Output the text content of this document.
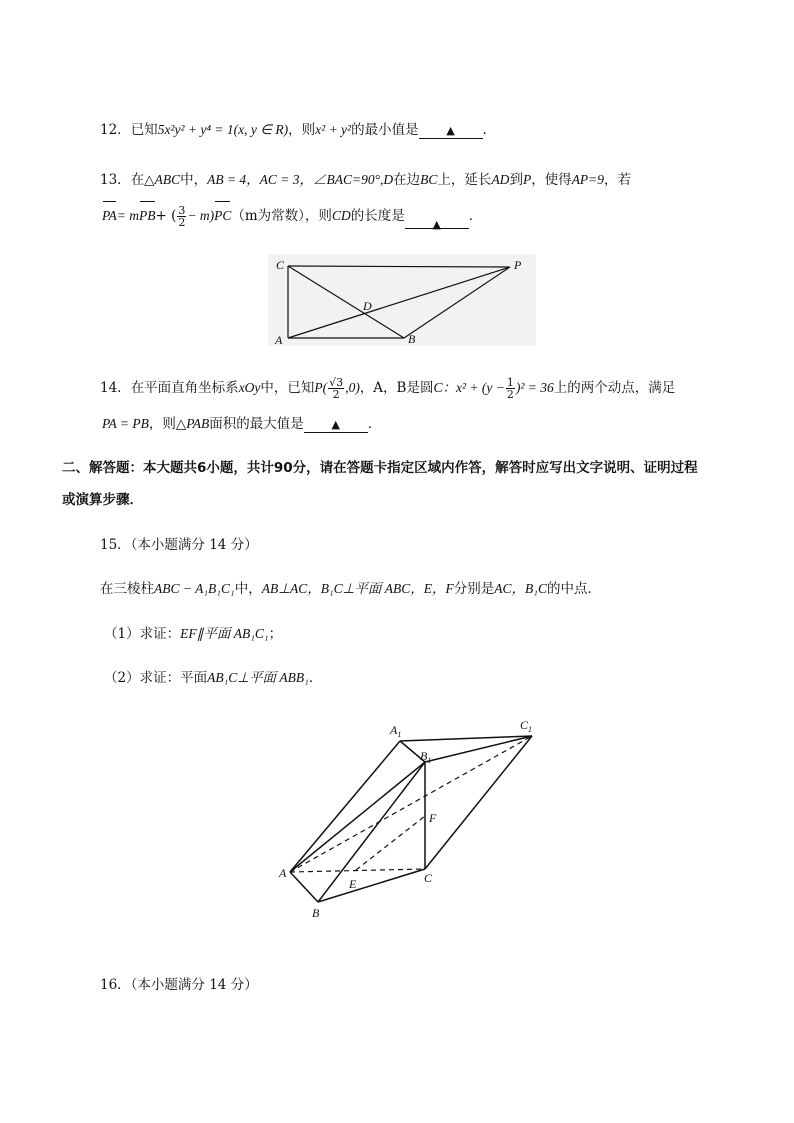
12．已知5x²y² + y⁴ = 1(x, y ∈ R)，则x² + y²的最小值是	▲ ．
13．在△ABC中，AB = 4，AC = 3，∠BAC=90°,D在边BC上，延长AD到P，使得AP=9，若
PA= mPB+ ( $\frac{3}{2} - m)PC(m$为常数），则CD的长度是▲．
C	P
D
A	B
14．在平面直角坐标系xOy中，已知$P( \frac{√3}{2} ,0)$，A，B是圆C：$x^2 + (y - \frac{1}{2} )^2 = 36$上的两个动点，满足
PA = PB，则△PAB面积的最大值是	▲ ．
二、解答题：本大题共6小题，共计90分，请在答题卡指定区域内作答，解答时应写出文字说明、证明过程
或演算步骤．
15．（本小题满分 14 分）
在三棱柱ABC − A₁B₁C₁中，AB⊥AC，B₁C⊥平面 ABC，E，F分别是AC，B₁C的中点．
（1）求证：EF∥平面 AB₁C₁；
（2）求证：平面AB₁C⊥平面 ABB₁．
$A_1$
$B_1$
$C_1$
F
A
E	C
B
16．（本小题满分 14 分）
